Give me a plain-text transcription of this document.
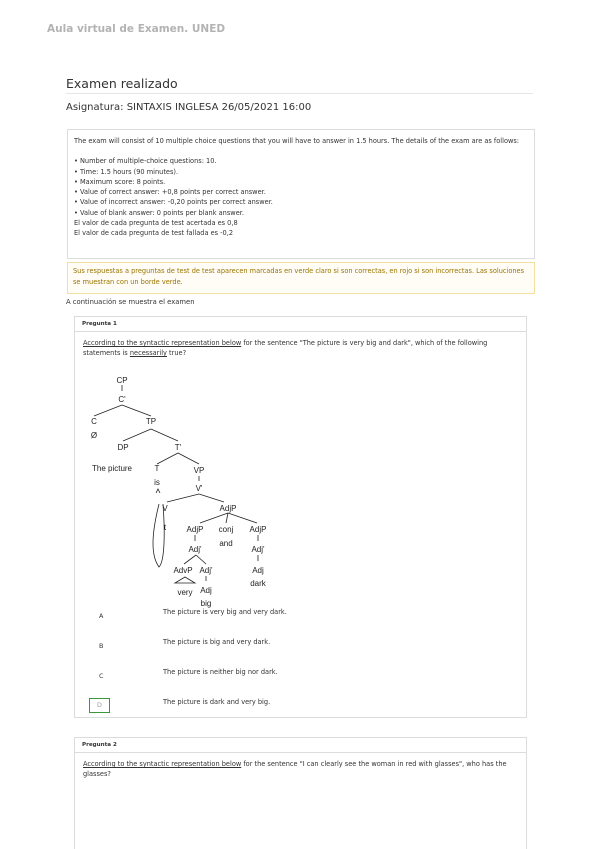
Aula virtual de Examen. UNED
Examen realizado
Asignatura: SINTAXIS INGLESA 26/05/2021 16:00

The exam will consist of 10 multiple choice questions that you will have to answer in 1.5 hours. The details of the exam are as follows:

• Number of multiple-choice questions: 10.

• Time: 1.5 hours (90 minutes).

• Maximum score: 8 points.

• Value of correct answer: +0,8 points per correct answer.

• Value of incorrect answer: -0,20 points per correct answer.

• Value of blank answer: 0 points per blank answer.

El valor de cada pregunta de test acertada es 0,8

El valor de cada pregunta de test fallada es -0,2

Sus respuestas a preguntas de test de test aparecen marcadas en verde claro si son correctas, en rojo si son incorrectas. Las soluciones se muestran con un borde verde.
A continuación se muestra el examen
Pregunta 1
According to the syntactic representation below for the sentence "The picture is very big and dark", which of the following statements is necessarily true?
CP
C'
C
Ø
TP
DP	T'
The picture	T
is
VP
V'
V
t
AdjP
AdjP conj
and
AdjP
Adj'	Adj'
AdvP Adj'	Adj
dark
very Adj
big
A	The picture is very big and very dark.
B	The picture is big and very dark.
C	The picture is neither big nor dark.
D	The picture is dark and very big.
Pregunta 2
According to the syntactic representation below for the sentence "I can clearly see the woman in red with glasses", who has the glasses?
